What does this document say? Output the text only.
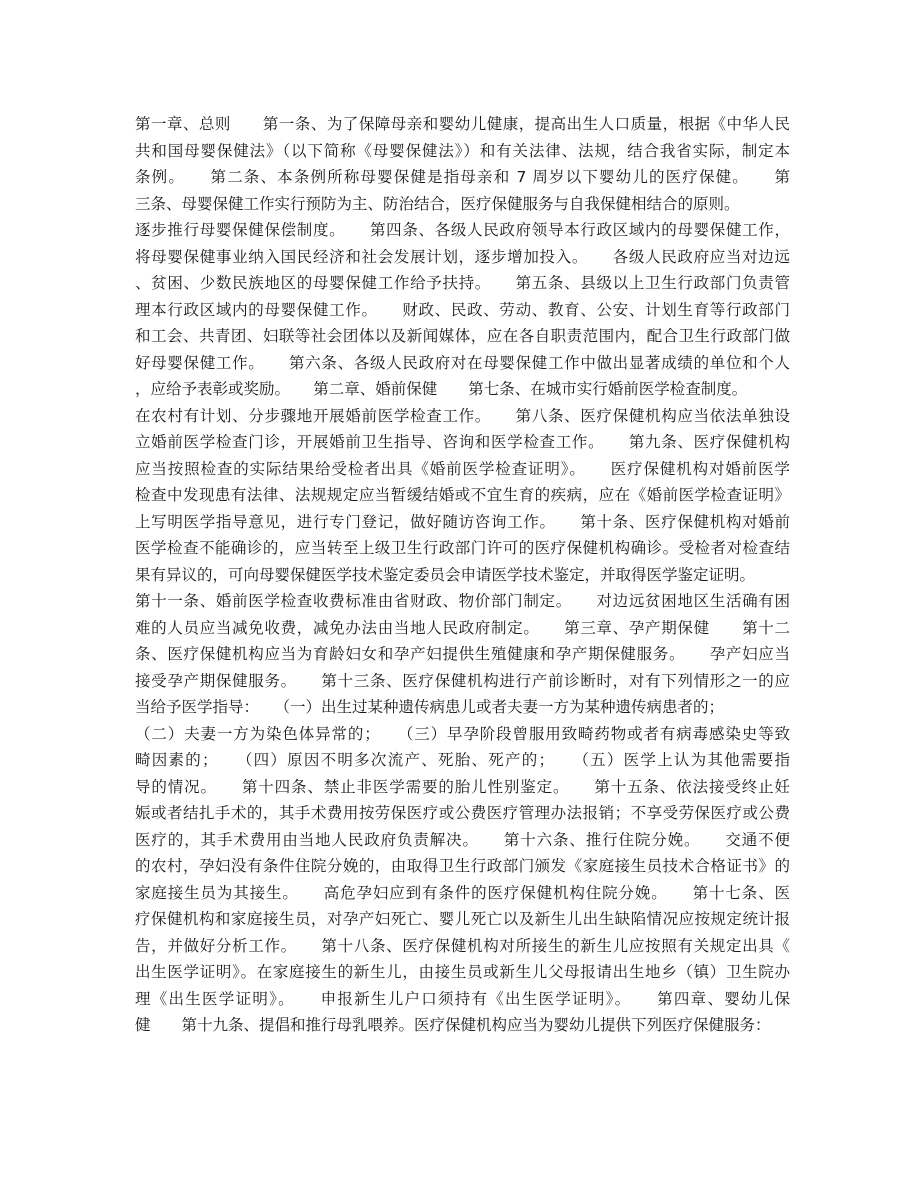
第一章、总则　　第一条、为了保障母亲和婴幼儿健康，提高出生人口质量，根据《中华人民
共和国母婴保健法》（以下简称《母婴保健法》）和有关法律、法规，结合我省实际，制定本
条例。　　第二条、本条例所称母婴保健是指母亲和 7 周岁以下婴幼儿的医疗保健。　　第
三条、母婴保健工作实行预防为主、防治结合，医疗保健服务与自我保健相结合的原则。
逐步推行母婴保健保偿制度。　　第四条、各级人民政府领导本行政区域内的母婴保健工作，
将母婴保健事业纳入国民经济和社会发展计划，逐步增加投入。　　各级人民政府应当对边远
、贫困、少数民族地区的母婴保健工作给予扶持。　　第五条、县级以上卫生行政部门负责管
理本行政区域内的母婴保健工作。　　财政、民政、劳动、教育、公安、计划生育等行政部门
和工会、共青团、妇联等社会团体以及新闻媒体，应在各自职责范围内，配合卫生行政部门做
好母婴保健工作。　　第六条、各级人民政府对在母婴保健工作中做出显著成绩的单位和个人
，应给予表彰或奖励。　　第二章、婚前保健　　第七条、在城市实行婚前医学检查制度。
在农村有计划、分步骤地开展婚前医学检查工作。　　第八条、医疗保健机构应当依法单独设
立婚前医学检查门诊，开展婚前卫生指导、咨询和医学检查工作。　　第九条、医疗保健机构
应当按照检查的实际结果给受检者出具《婚前医学检查证明》。　　医疗保健机构对婚前医学
检查中发现患有法律、法规规定应当暂缓结婚或不宜生育的疾病，应在《婚前医学检查证明》
上写明医学指导意见，进行专门登记，做好随访咨询工作。　　第十条、医疗保健机构对婚前
医学检查不能确诊的，应当转至上级卫生行政部门许可的医疗保健机构确诊。受检者对检查结
果有异议的，可向母婴保健医学技术鉴定委员会申请医学技术鉴定，并取得医学鉴定证明。
第十一条、婚前医学检查收费标准由省财政、物价部门制定。　　对边远贫困地区生活确有困
难的人员应当减免收费，减免办法由当地人民政府制定。　　第三章、孕产期保健　　第十二
条、医疗保健机构应当为育龄妇女和孕产妇提供生殖健康和孕产期保健服务。　　孕产妇应当
接受孕产期保健服务。　　第十三条、医疗保健机构进行产前诊断时，对有下列情形之一的应
当给予医学指导：　　（一）出生过某种遗传病患儿或者夫妻一方为某种遗传病患者的；
（二）夫妻一方为染色体异常的；　　（三）早孕阶段曾服用致畸药物或者有病毒感染史等致
畸因素的；　　（四）原因不明多次流产、死胎、死产的；　　（五）医学上认为其他需要指
导的情况。　　第十四条、禁止非医学需要的胎儿性别鉴定。　　第十五条、依法接受终止妊
娠或者结扎手术的，其手术费用按劳保医疗或公费医疗管理办法报销；不享受劳保医疗或公费
医疗的，其手术费用由当地人民政府负责解决。　　第十六条、推行住院分娩。　　交通不便
的农村，孕妇没有条件住院分娩的，由取得卫生行政部门颁发《家庭接生员技术合格证书》的
家庭接生员为其接生。　　高危孕妇应到有条件的医疗保健机构住院分娩。　　第十七条、医
疗保健机构和家庭接生员，对孕产妇死亡、婴儿死亡以及新生儿出生缺陷情况应按规定统计报
告，并做好分析工作。　　第十八条、医疗保健机构对所接生的新生儿应按照有关规定出具《
出生医学证明》。在家庭接生的新生儿，由接生员或新生儿父母报请出生地乡（镇）卫生院办
理《出生医学证明》。　　申报新生儿户口须持有《出生医学证明》。　　第四章、婴幼儿保
健　　第十九条、提倡和推行母乳喂养。医疗保健机构应当为婴幼儿提供下列医疗保健服务：
